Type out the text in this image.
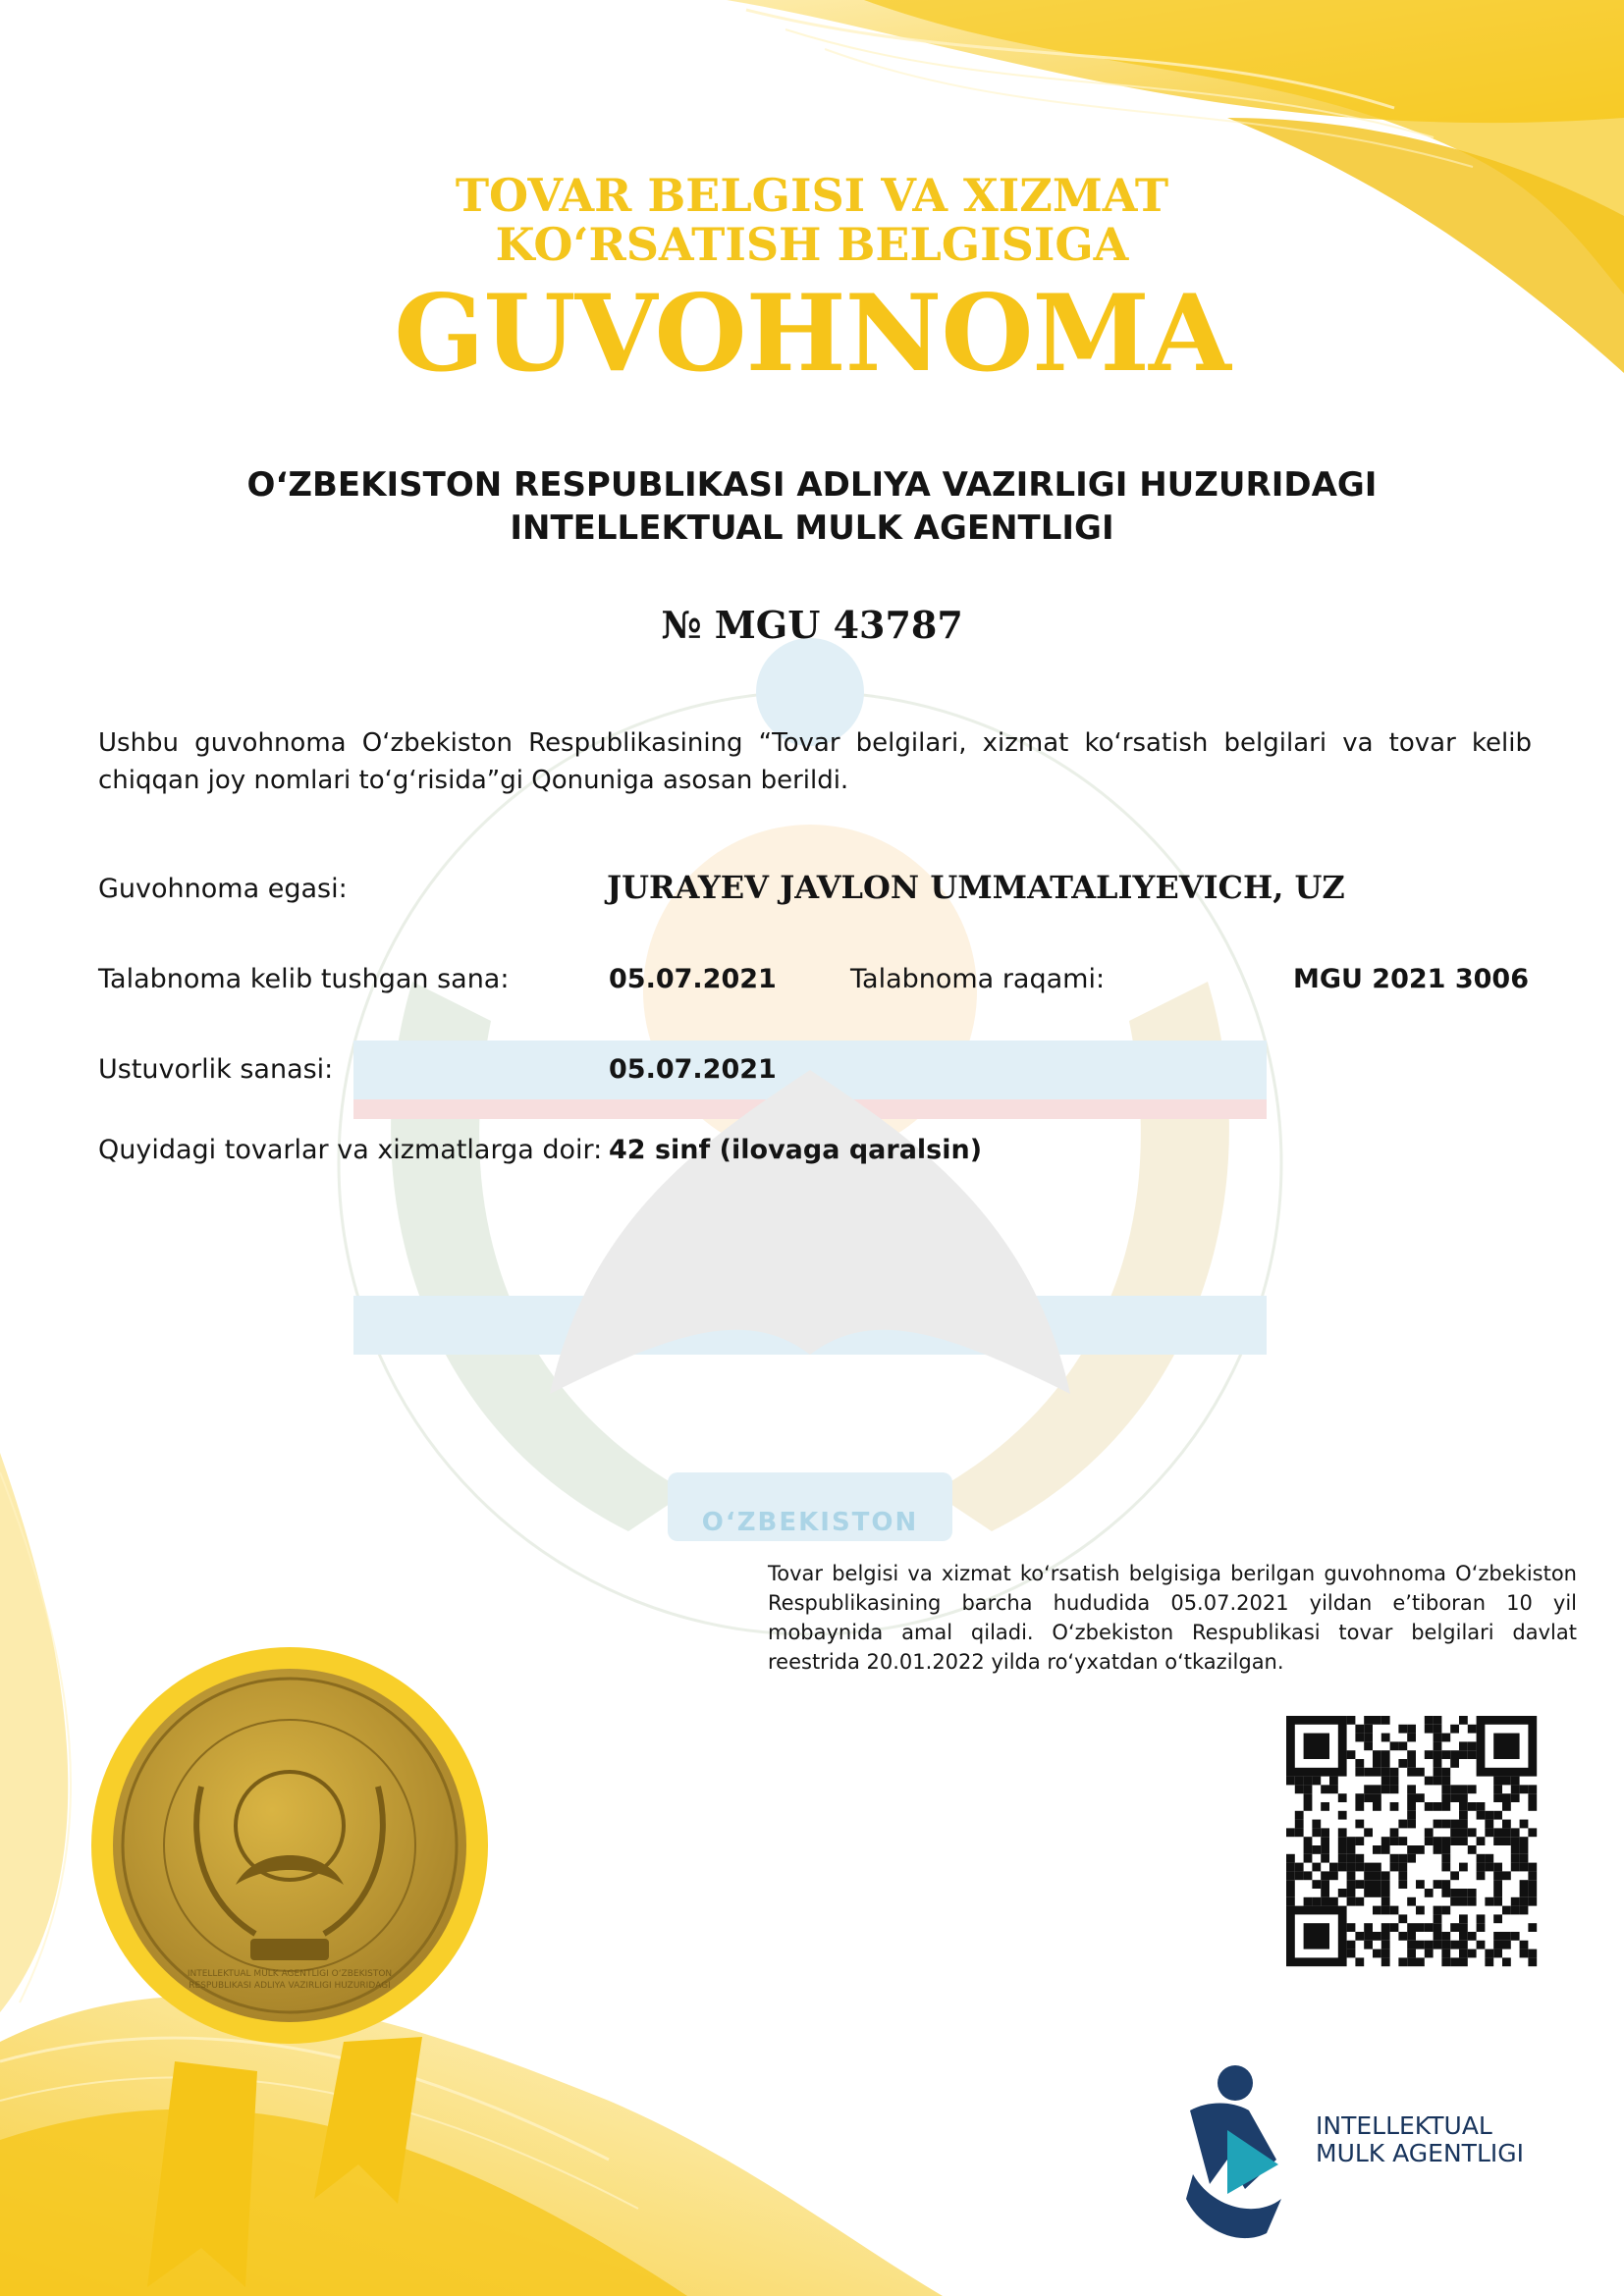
TOVAR BELGISI VA XIZMAT
KO‘RSATISH BELGISIGA
GUVOHNOMA
O‘ZBEKISTON RESPUBLIKASI ADLIYA VAZIRLIGI HUZURIDAGI
INTELLEKTUAL MULK AGENTLIGI
№ MGU 43787
Ushbu guvohnoma O‘zbekiston Respublikasining “Tovar belgilari, xizmat ko‘rsatish belgilari va tovar kelib chiqqan joy nomlari to‘g‘risida”gi Qonuniga asosan berildi.
Guvohnoma egasi:	JURAYEV JAVLON UMMATALIYEVICH, UZ
Talabnoma kelib tushgan sana:	05.07.2021	Talabnoma raqami:	MGU 2021 3006
Ustuvorlik sanasi:	05.07.2021
Quyidagi tovarlar va xizmatlarga doir: 42 sinf (ilovaga qaralsin)
O‘ZBEKISTON
INTELLEKTUAL MULK AGENTLIGI O‘ZBEKISTON RESPUBLIKASI ADLIYA VAZIRLIGI HUZURIDAGI
Tovar belgisi va xizmat ko‘rsatish belgisiga berilgan guvohnoma O‘zbekiston Respublikasining barcha hududida 05.07.2021 yildan e’tiboran 10 yil mobaynida amal qiladi. O‘zbekiston Respublikasi tovar belgilari davlat reestrida 20.01.2022 yilda ro‘yxatdan o‘tkazilgan.
INTELLEKTUAL
MULK AGENTLIGI
